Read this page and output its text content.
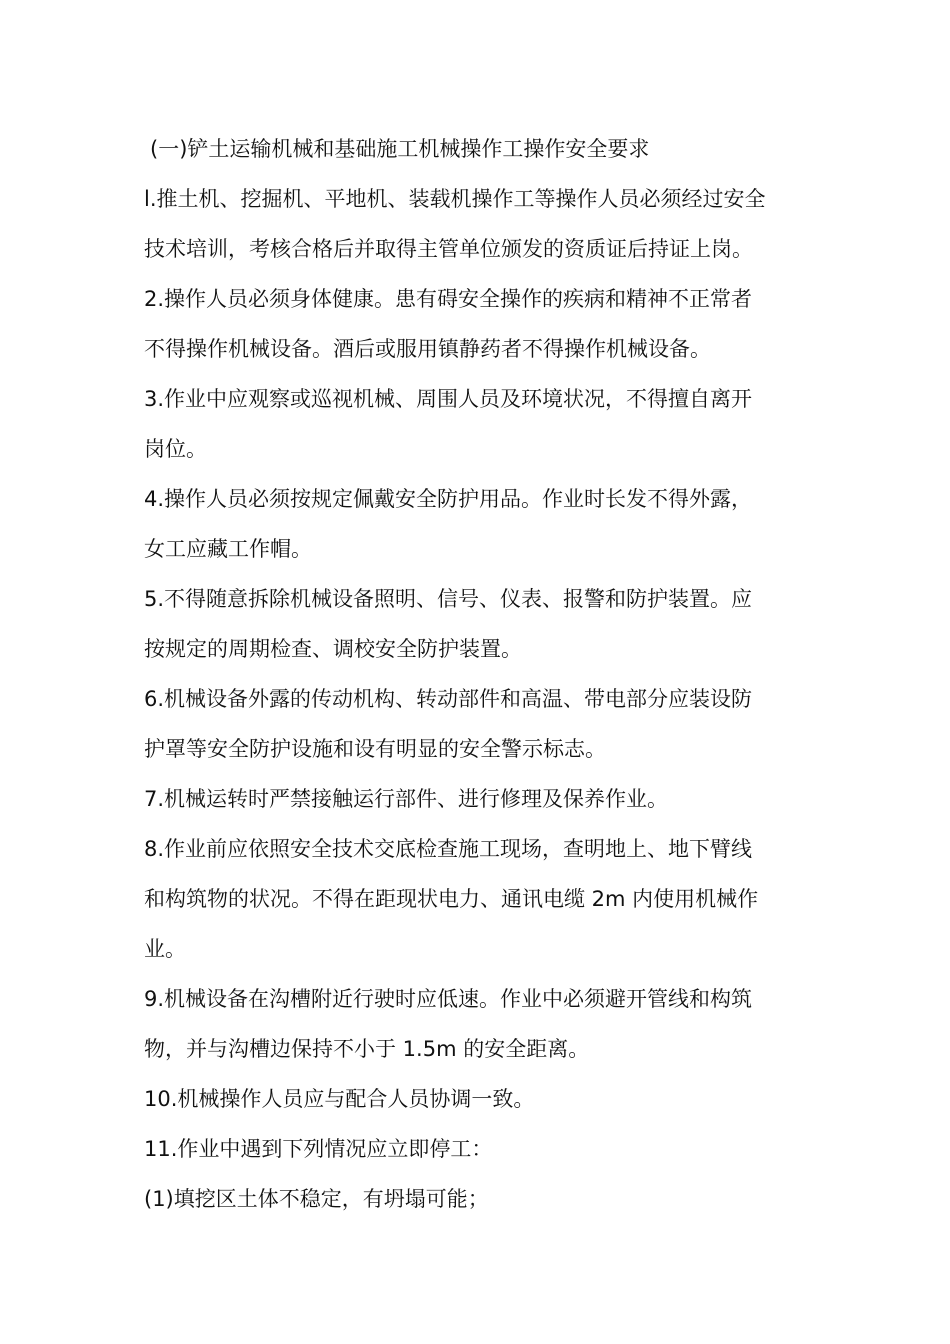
(一)铲土运输机械和基础施工机械操作工操作安全要求

l.推土机、挖掘机、平地机、装载机操作工等操作人员必须经过安全

技术培训，考核合格后并取得主管单位颁发的资质证后持证上岗。

2.操作人员必须身体健康。患有碍安全操作的疾病和精神不正常者

不得操作机械设备。酒后或服用镇静药者不得操作机械设备。

3.作业中应观察或巡视机械、周围人员及环境状况，不得擅自离开

岗位。

4.操作人员必须按规定佩戴安全防护用品。作业时长发不得外露，

女工应藏工作帽。

5.不得随意拆除机械设备照明、信号、仪表、报警和防护装置。应

按规定的周期检查、调校安全防护装置。

6.机械设备外露的传动机构、转动部件和高温、带电部分应装设防

护罩等安全防护设施和设有明显的安全警示标志。

7.机械运转时严禁接触运行部件、进行修理及保养作业。

8.作业前应依照安全技术交底检查施工现场，查明地上、地下臂线

和构筑物的状况。不得在距现状电力、通讯电缆 2m 内使用机械作

业。

9.机械设备在沟槽附近行驶时应低速。作业中必须避开管线和构筑

物，并与沟槽边保持不小于 1.5m 的安全距离。

10.机械操作人员应与配合人员协调一致。

11.作业中遇到下列情况应立即停工：

(1)填挖区土体不稳定，有坍塌可能；
